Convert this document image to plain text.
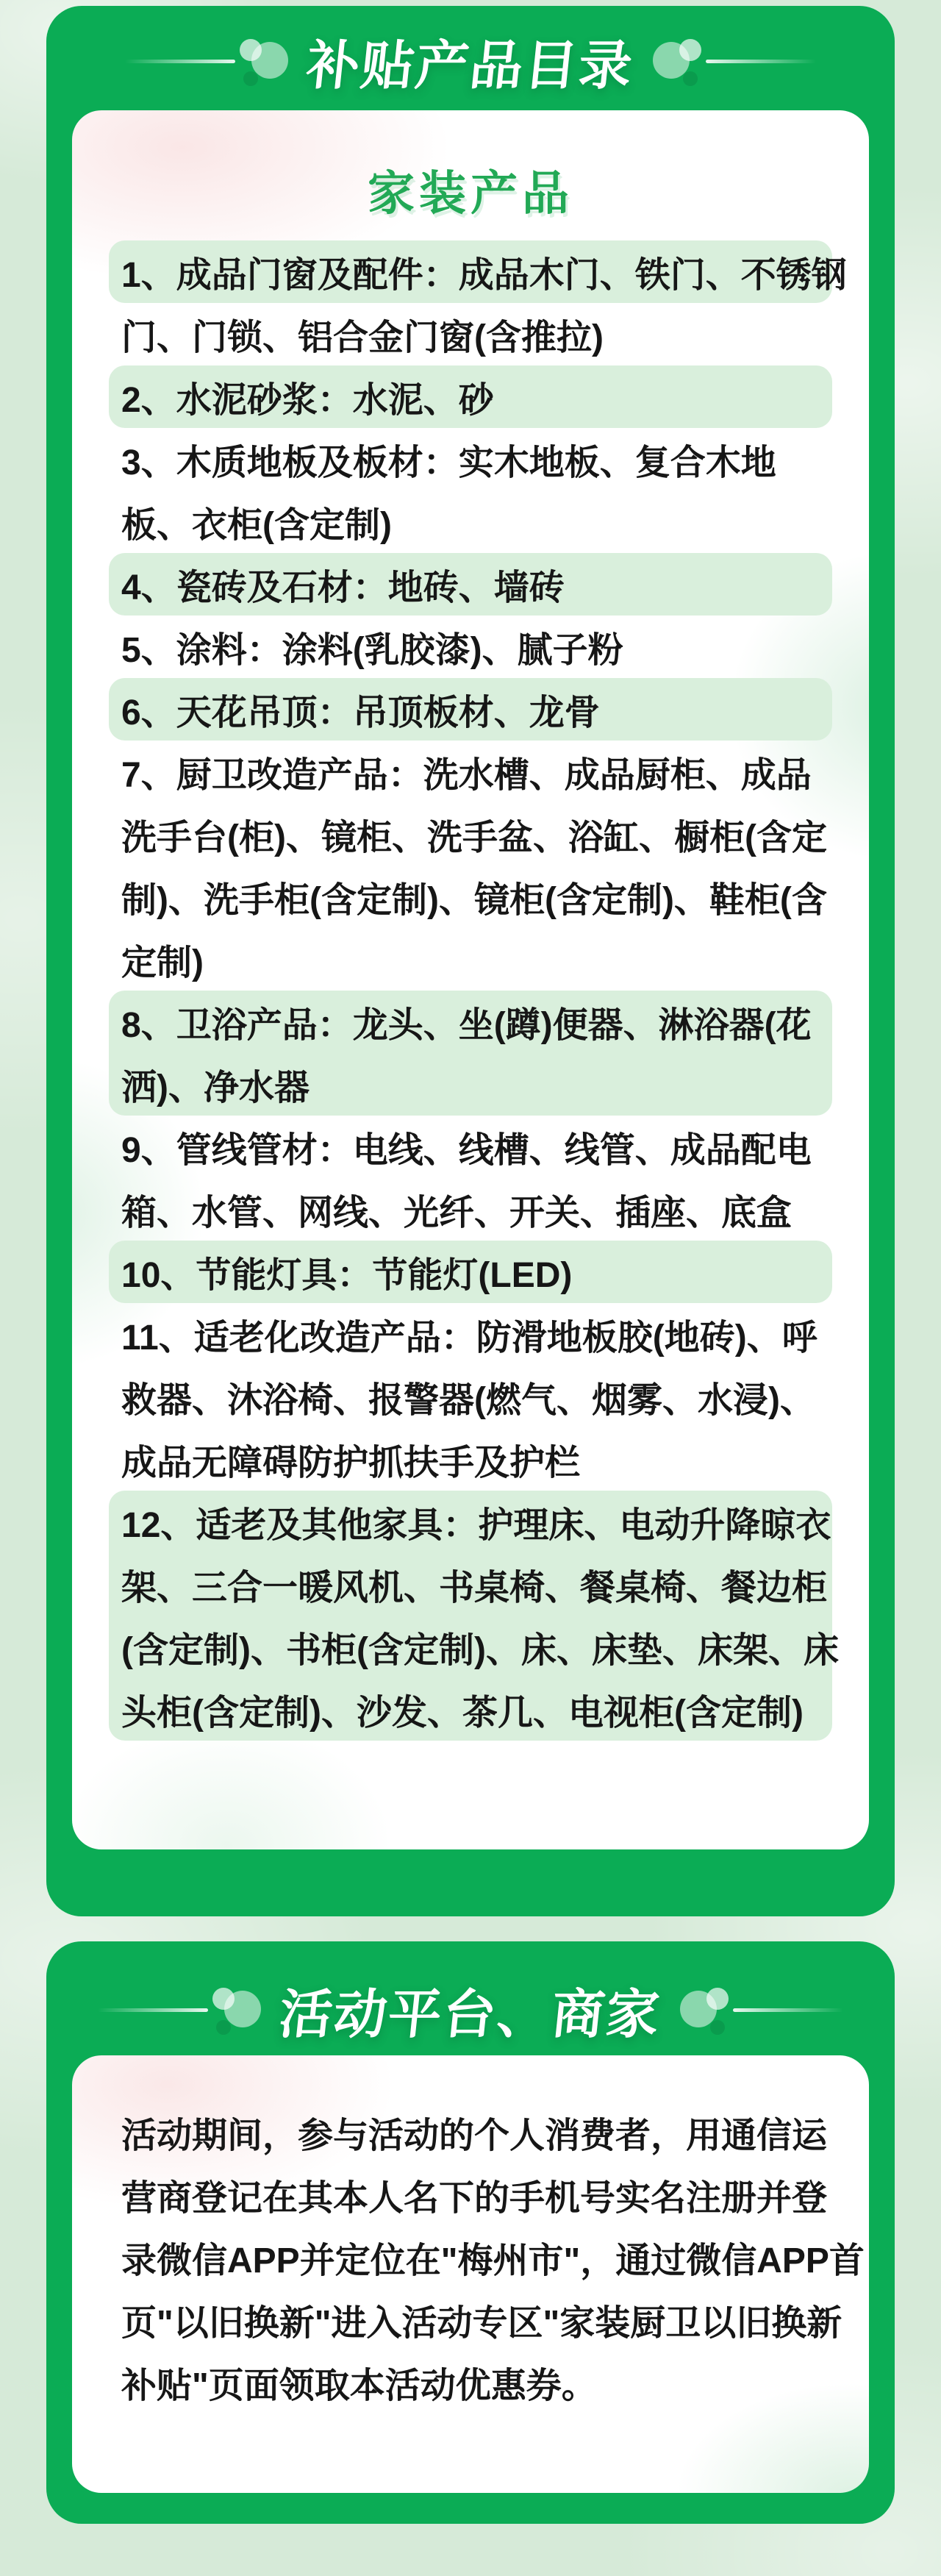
补贴产品目录
家装产品
1、成品门窗及配件：成品木门、铁门、不锈钢
门、门锁、铝合金门窗(含推拉)
2、水泥砂浆：水泥、砂
3、木质地板及板材：实木地板、复合木地
板、衣柜(含定制)
4、瓷砖及石材：地砖、墙砖
5、涂料：涂料(乳胶漆)、腻子粉
6、天花吊顶：吊顶板材、龙骨
7、厨卫改造产品：洗水槽、成品厨柜、成品
洗手台(柜)、镜柜、洗手盆、浴缸、橱柜(含定
制)、洗手柜(含定制)、镜柜(含定制)、鞋柜(含
定制)
8、卫浴产品：龙头、坐(蹲)便器、淋浴器(花
洒)、净水器
9、管线管材：电线、线槽、线管、成品配电
箱、水管、网线、光纤、开关、插座、底盒
10、节能灯具：节能灯(LED)
11、适老化改造产品：防滑地板胶(地砖)、呼
救器、沐浴椅、报警器(燃气、烟雾、水浸)、
成品无障碍防护抓扶手及护栏
12、适老及其他家具：护理床、电动升降晾衣
架、三合一暖风机、书桌椅、餐桌椅、餐边柜
(含定制)、书柜(含定制)、床、床垫、床架、床
头柜(含定制)、沙发、茶几、电视柜(含定制)
活动平台、商家
活动期间，参与活动的个人消费者，用通信运
营商登记在其本人名下的手机号实名注册并登
录微信APP并定位在"梅州市"，通过微信APP首
页"以旧换新"进入活动专区"家装厨卫以旧换新
补贴"页面领取本活动优惠券。
